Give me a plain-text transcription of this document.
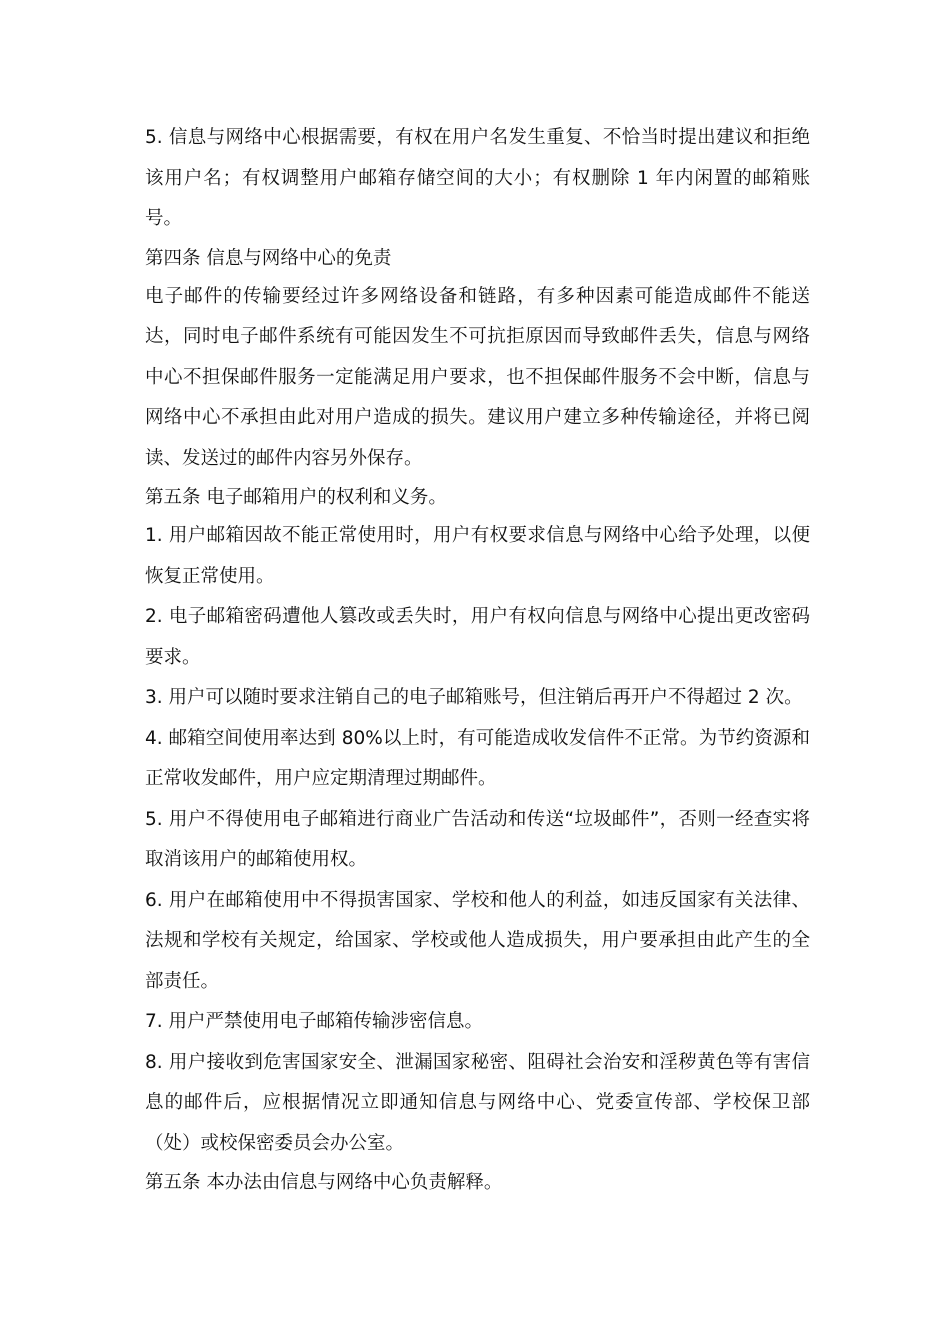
5. 信息与网络中心根据需要，有权在用户名发生重复、不恰当时提出建议和拒绝该用户名；有权调整用户邮箱存储空间的大小；有权删除 1 年内闲置的邮箱账号。

第四条 信息与网络中心的免责

电子邮件的传输要经过许多网络设备和链路，有多种因素可能造成邮件不能送达，同时电子邮件系统有可能因发生不可抗拒原因而导致邮件丢失，信息与网络中心不担保邮件服务一定能满足用户要求，也不担保邮件服务不会中断，信息与网络中心不承担由此对用户造成的损失。建议用户建立多种传输途径，并将已阅读、发送过的邮件内容另外保存。

第五条 电子邮箱用户的权利和义务。

1. 用户邮箱因故不能正常使用时，用户有权要求信息与网络中心给予处理，以便恢复正常使用。

2. 电子邮箱密码遭他人篡改或丢失时，用户有权向信息与网络中心提出更改密码要求。

3. 用户可以随时要求注销自己的电子邮箱账号，但注销后再开户不得超过 2 次。

4. 邮箱空间使用率达到 80%以上时，有可能造成收发信件不正常。为节约资源和正常收发邮件，用户应定期清理过期邮件。

5. 用户不得使用电子邮箱进行商业广告活动和传送“垃圾邮件”，否则一经查实将取消该用户的邮箱使用权。

6. 用户在邮箱使用中不得损害国家、学校和他人的利益，如违反国家有关法律、法规和学校有关规定，给国家、学校或他人造成损失，用户要承担由此产生的全部责任。

7. 用户严禁使用电子邮箱传输涉密信息。

8. 用户接收到危害国家安全、泄漏国家秘密、阻碍社会治安和淫秽黄色等有害信息的邮件后，应根据情况立即通知信息与网络中心、党委宣传部、学校保卫部（处）或校保密委员会办公室。

第五条 本办法由信息与网络中心负责解释。
